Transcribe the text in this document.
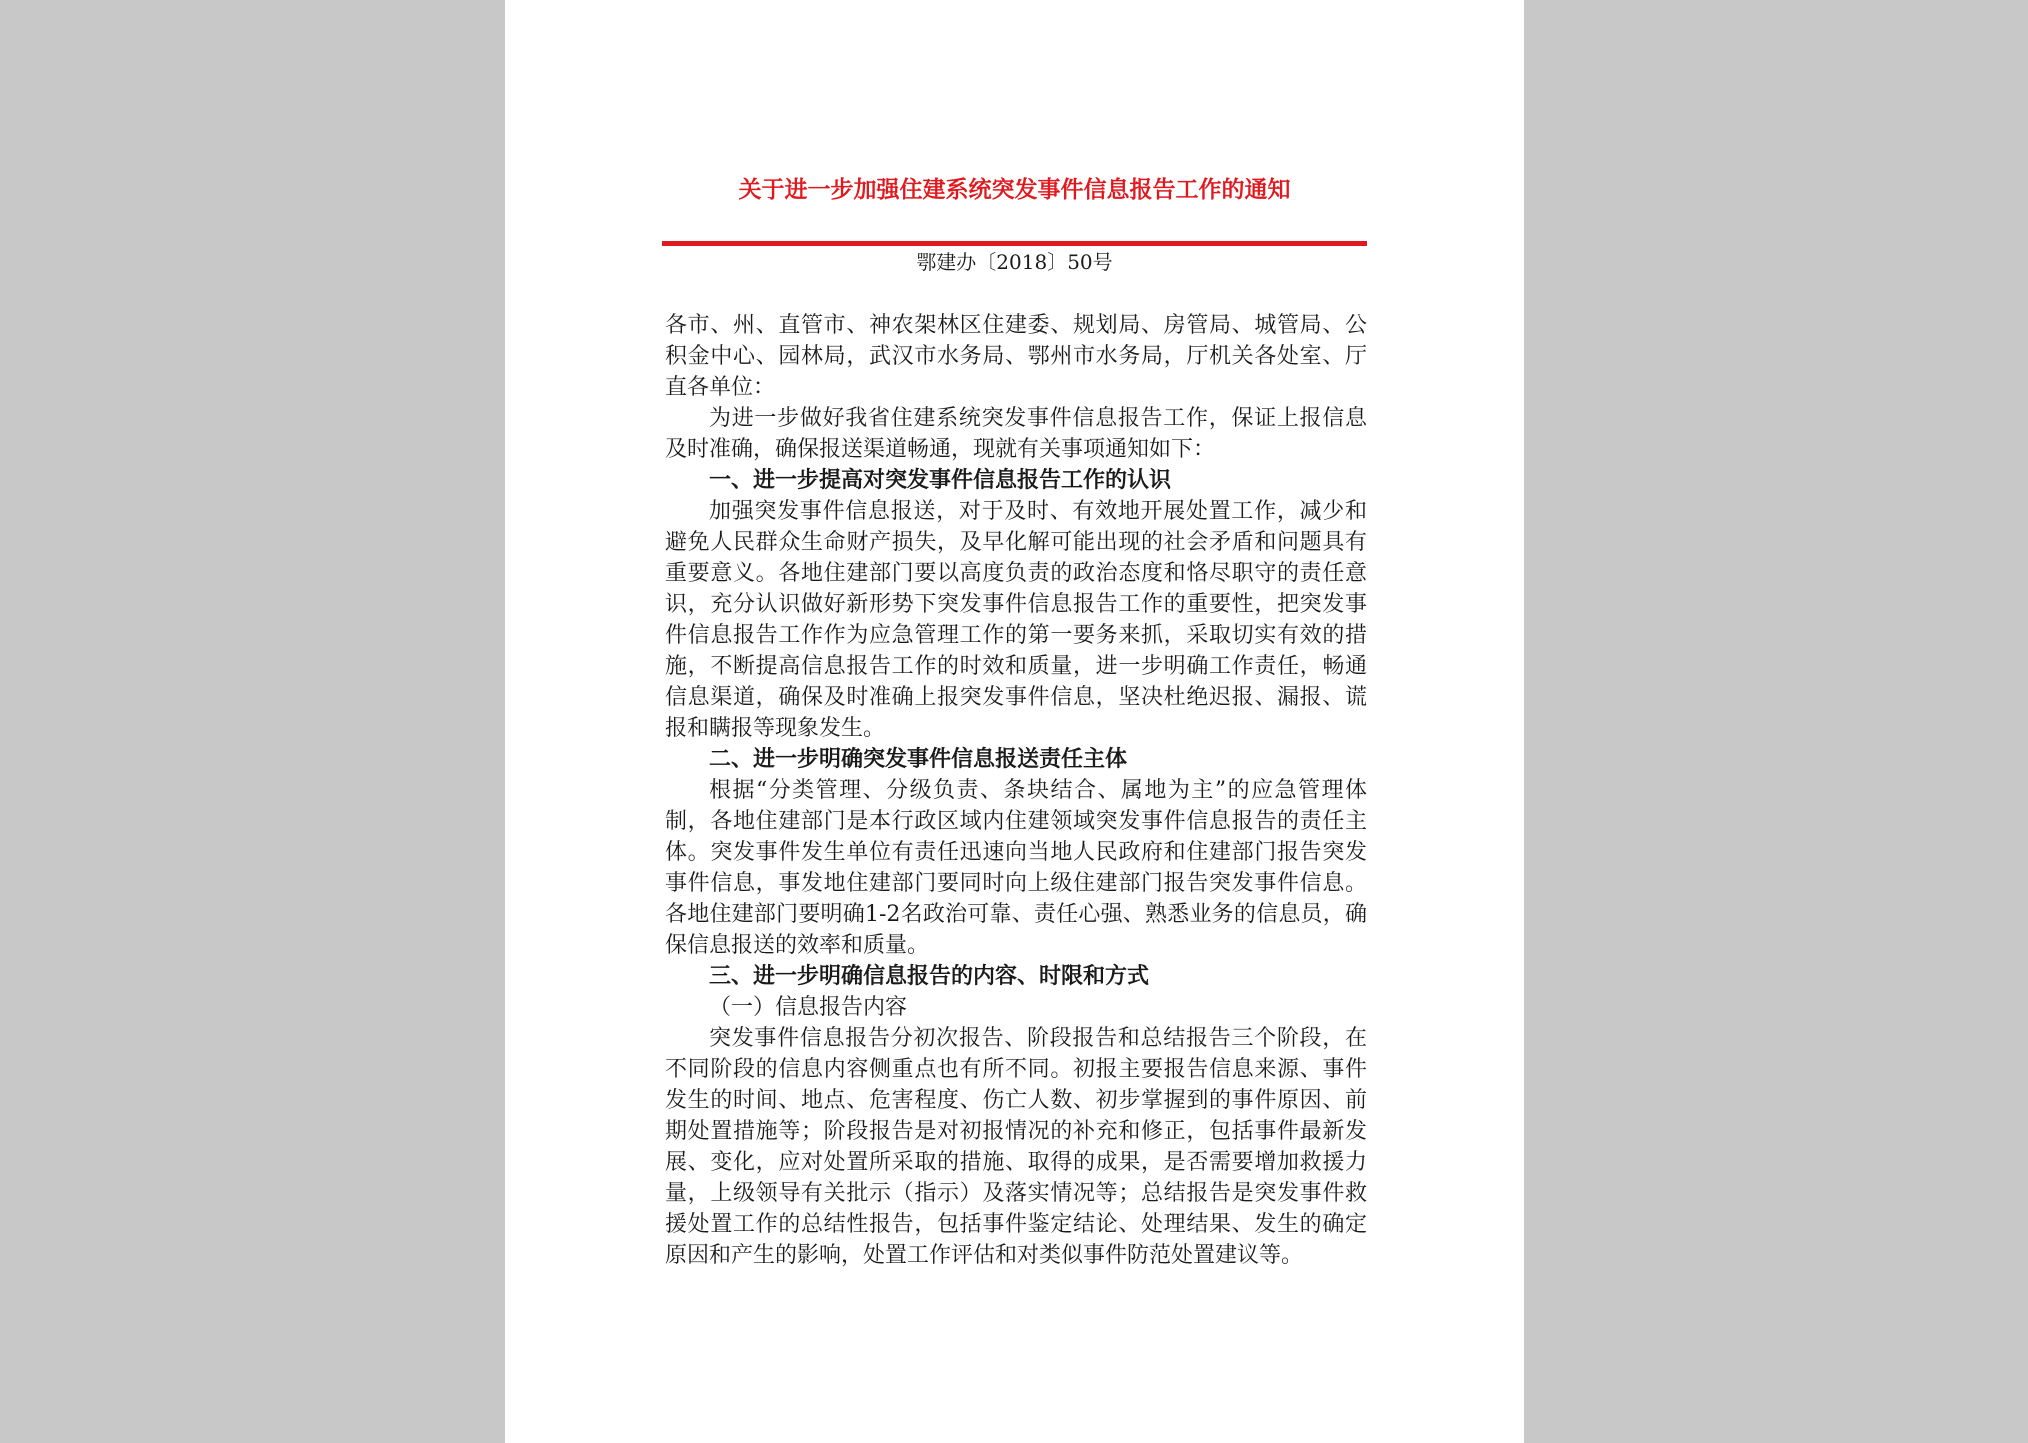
关于进一步加强住建系统突发事件信息报告工作的通知
鄂建办〔2018〕50号

各市、州、直管市、神农架林区住建委、规划局、房管局、城管局、公积金中心、园林局，武汉市水务局、鄂州市水务局，厅机关各处室、厅直各单位：

为进一步做好我省住建系统突发事件信息报告工作，保证上报信息及时准确，确保报送渠道畅通，现就有关事项通知如下：

一、进一步提高对突发事件信息报告工作的认识

加强突发事件信息报送，对于及时、有效地开展处置工作，减少和避免人民群众生命财产损失，及早化解可能出现的社会矛盾和问题具有重要意义。各地住建部门要以高度负责的政治态度和恪尽职守的责任意识，充分认识做好新形势下突发事件信息报告工作的重要性，把突发事件信息报告工作作为应急管理工作的第一要务来抓，采取切实有效的措施，不断提高信息报告工作的时效和质量，进一步明确工作责任，畅通信息渠道，确保及时准确上报突发事件信息，坚决杜绝迟报、漏报、谎报和瞒报等现象发生。

二、进一步明确突发事件信息报送责任主体

根据“分类管理、分级负责、条块结合、属地为主”的应急管理体制，各地住建部门是本行政区域内住建领域突发事件信息报告的责任主体。突发事件发生单位有责任迅速向当地人民政府和住建部门报告突发事件信息，事发地住建部门要同时向上级住建部门报告突发事件信息。各地住建部门要明确1-2名政治可靠、责任心强、熟悉业务的信息员，确保信息报送的效率和质量。

三、进一步明确信息报告的内容、时限和方式

（一）信息报告内容

突发事件信息报告分初次报告、阶段报告和总结报告三个阶段，在不同阶段的信息内容侧重点也有所不同。初报主要报告信息来源、事件发生的时间、地点、危害程度、伤亡人数、初步掌握到的事件原因、前期处置措施等；阶段报告是对初报情况的补充和修正，包括事件最新发展、变化，应对处置所采取的措施、取得的成果，是否需要增加救援力量，上级领导有关批示（指示）及落实情况等；总结报告是突发事件救援处置工作的总结性报告，包括事件鉴定结论、处理结果、发生的确定原因和产生的影响，处置工作评估和对类似事件防范处置建议等。
